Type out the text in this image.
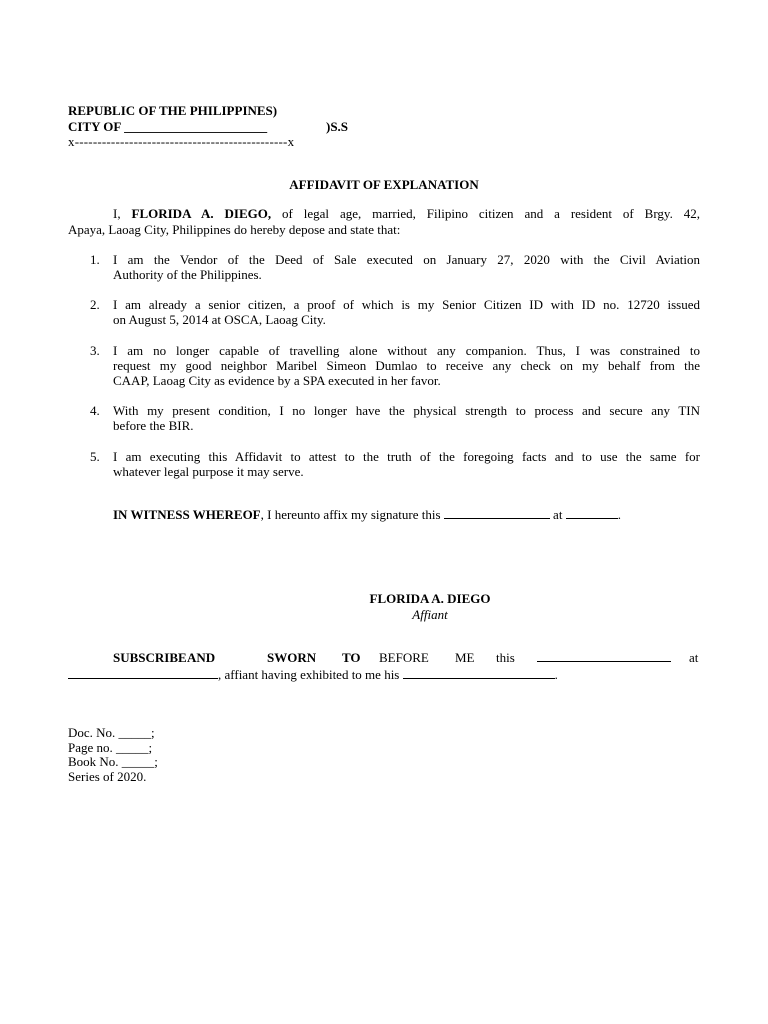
REPUBLIC OF THE PHILIPPINES)
CITY OF ______________________	)S.S
x-----------------------------------------------x
AFFIDAVIT OF EXPLANATION
I, FLORIDA A. DIEGO, of legal age, married, Filipino citizen and a resident of Brgy. 42,
Apaya, Laoag City, Philippines do hereby depose and state that:
1.	I am the Vendor of the Deed of Sale executed on January 27, 2020 with the Civil Aviation
Authority of the Philippines.
2.	I am already a senior citizen, a proof of which is my Senior Citizen ID with ID no. 12720 issued
on August 5, 2014 at OSCA, Laoag City.
3.	I am no longer capable of travelling alone without any companion. Thus, I was constrained to
request my good neighbor Maribel Simeon Dumlao to receive any check on my behalf from the
CAAP, Laoag City as evidence by a SPA executed in her favor.
4.	With my present condition, I no longer have the physical strength to process and secure any TIN
before the BIR.
5.	I am executing this Affidavit to attest to the truth of the foregoing facts and to use the same for
whatever legal purpose it may serve.
IN WITNESS WHEREOF, I hereunto affix my signature this	at	.
FLORIDA A. DIEGO
Affiant
SUBSCRIBE AND	SWORN TO BEFORE ME this	at
, affiant having exhibited to me his	.
Doc. No. _____;
Page no. _____;
Book No. _____;
Series of 2020.
